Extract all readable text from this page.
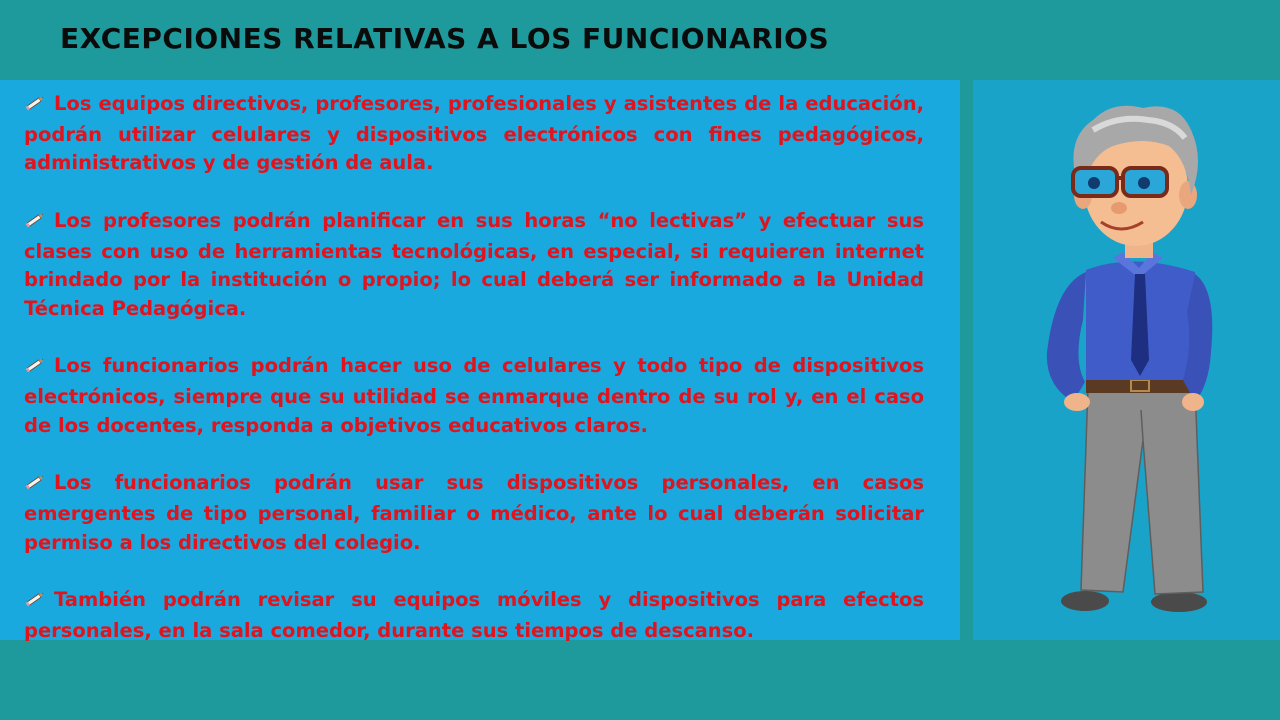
EXCEPCIONES RELATIVAS A LOS FUNCIONARIOS

Los equipos directivos, profesores, profesionales y asistentes de la educación, podrán utilizar celulares y dispositivos electrónicos con fines pedagógicos, administrativos y de gestión de aula.

Los profesores podrán planificar en sus horas “no lectivas” y efectuar sus clases con uso de herramientas tecnológicas, en especial, si requieren internet brindado por la institución o propio; lo cual deberá ser informado a la Unidad Técnica Pedagógica.

Los funcionarios podrán hacer uso de celulares y todo tipo de dispositivos electrónicos, siempre que su utilidad se enmarque dentro de su rol y, en el caso de los docentes, responda a objetivos educativos claros.

Los funcionarios podrán usar sus dispositivos personales, en casos emergentes de tipo personal, familiar o médico, ante lo cual deberán solicitar permiso a los directivos del colegio.

También podrán revisar su equipos móviles y dispositivos para efectos personales, en la sala comedor, durante sus tiempos de descanso.
